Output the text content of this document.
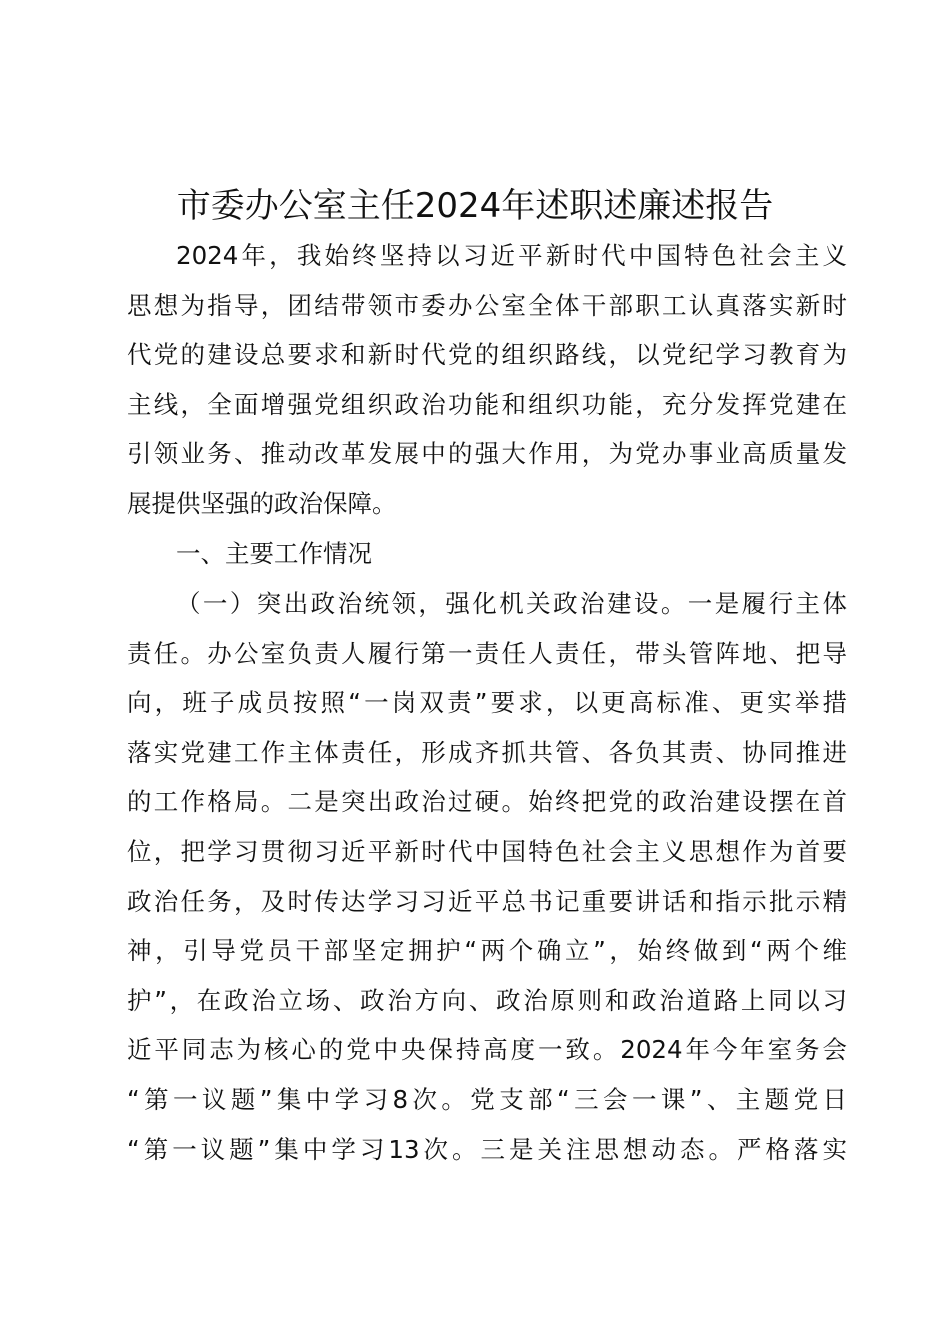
市委办公室主任2024年述职述廉述报告
2024年，我始终坚持以习近平新时代中国特色社会主义
思想为指导，团结带领市委办公室全体干部职工认真落实新时
代党的建设总要求和新时代党的组织路线，以党纪学习教育为
主线，全面增强党组织政治功能和组织功能，充分发挥党建在
引领业务、推动改革发展中的强大作用，为党办事业高质量发
展提供坚强的政治保障。
一、主要工作情况
（一）突出政治统领，强化机关政治建设。一是履行主体
责任。办公室负责人履行第一责任人责任，带头管阵地、把导
向，班子成员按照“一岗双责”要求，以更高标准、更实举措
落实党建工作主体责任，形成齐抓共管、各负其责、协同推进
的工作格局。二是突出政治过硬。始终把党的政治建设摆在首
位，把学习贯彻习近平新时代中国特色社会主义思想作为首要
政治任务，及时传达学习习近平总书记重要讲话和指示批示精
神，引导党员干部坚定拥护“两个确立”，始终做到“两个维
护”，在政治立场、政治方向、政治原则和政治道路上同以习
近平同志为核心的党中央保持高度一致。2024年今年室务会
“第一议题”集中学习8次。党支部“三会一课”、主题党日
“第一议题”集中学习13次。三是关注思想动态。严格落实
